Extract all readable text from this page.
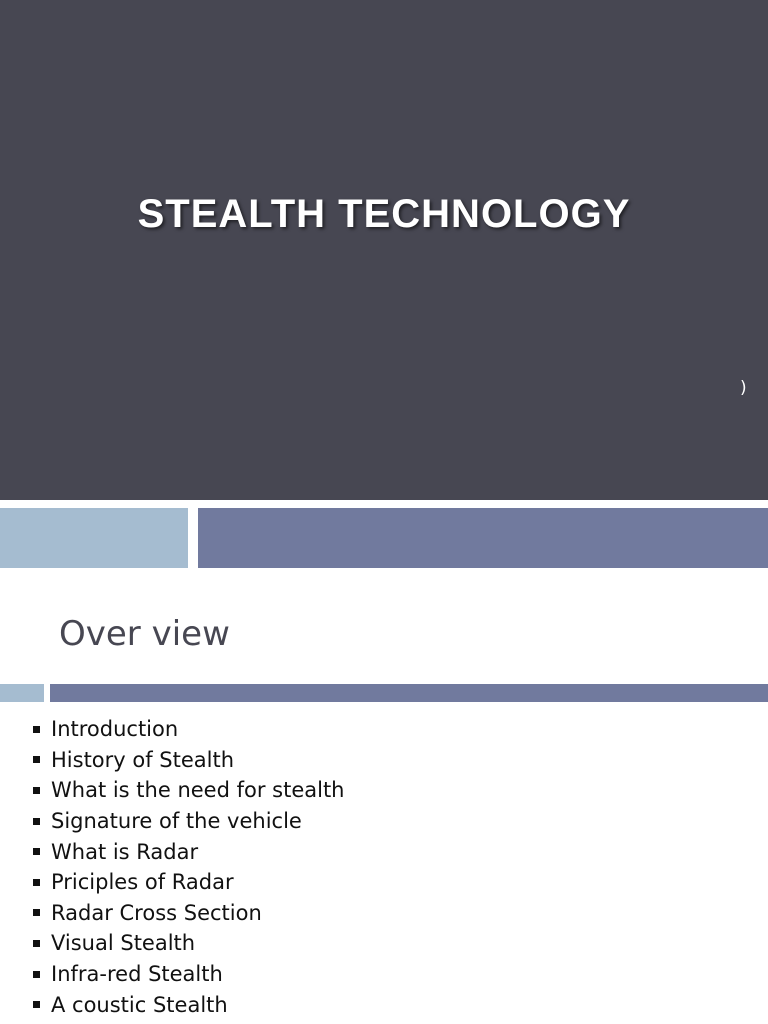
STEALTH TECHNOLOGY
)
Over view
Introduction
History of Stealth
What is the need for stealth
Signature of the vehicle
What is Radar
Priciples of Radar
Radar Cross Section
Visual Stealth
Infra-red Stealth
A coustic Stealth
